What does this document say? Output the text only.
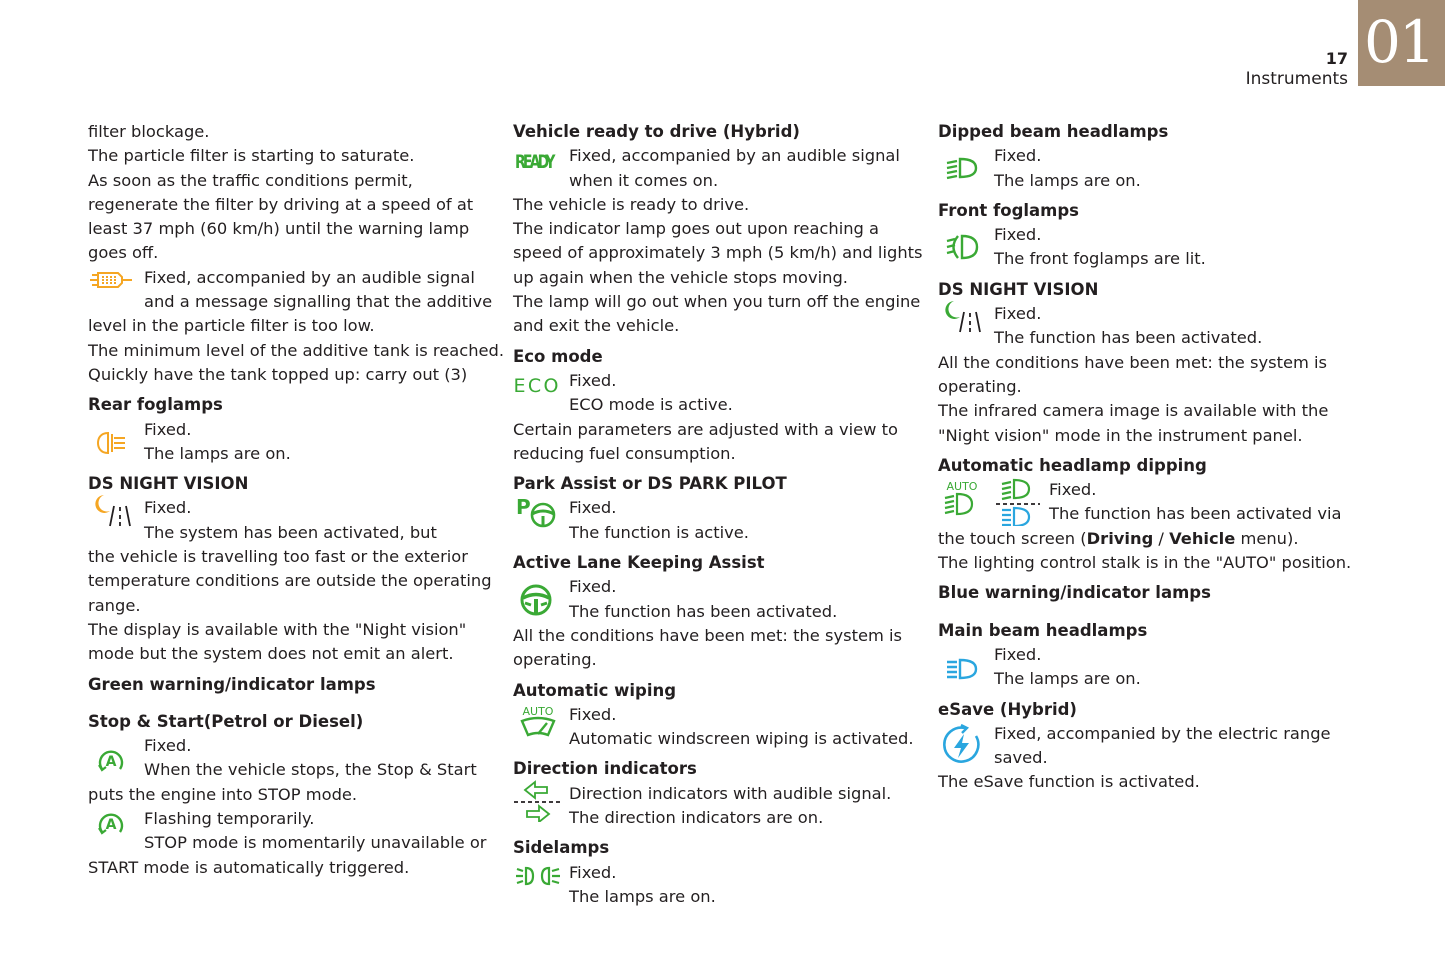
01
17
Instruments
filter blockage.
The particle filter is starting to saturate.
As soon as the traffic conditions permit,
regenerate the filter by driving at a speed of at
least 37 mph (60 km/h) until the warning lamp
goes off.
Fixed, accompanied by an audible signal
and a message signalling that the additive
level in the particle filter is too low.
The minimum level of the additive tank is reached.
Quickly have the tank topped up: carry out (3)
Rear foglamps
Fixed.
The lamps are on.
DS NIGHT VISION
Fixed.
The system has been activated, but
the vehicle is travelling too fast or the exterior
temperature conditions are outside the operating
range.
The display is available with the "Night vision"
mode but the system does not emit an alert.
Green warning/indicator lamps
Stop & Start(Petrol or Diesel)
A
Fixed.
When the vehicle stops, the Stop & Start
puts the engine into STOP mode.
A	Flashing temporarily.
STOP mode is momentarily unavailable or
START mode is automatically triggered.
Vehicle ready to drive (Hybrid)
READY Fixed, accompanied by an audible signal
when it comes on.
The vehicle is ready to drive.
The indicator lamp goes out upon reaching a
speed of approximately 3 mph (5 km/h) and lights
up again when the vehicle stops moving.
The lamp will go out when you turn off the engine
and exit the vehicle.
Eco mode
ECO Fixed.
ECO mode is active.
Certain parameters are adjusted with a view to
reducing fuel consumption.
Park Assist or DS PARK PILOT
P	Fixed.
The function is active.
Active Lane Keeping Assist
Fixed.
The function has been activated.
All the conditions have been met: the system is
operating.
Automatic wiping
AUTO Fixed.
Automatic windscreen wiping is activated.
Direction indicators
Direction indicators with audible signal.
The direction indicators are on.
Sidelamps
Fixed.
The lamps are on.
Dipped beam headlamps
Fixed.
The lamps are on.
Front foglamps
Fixed.
The front foglamps are lit.
DS NIGHT VISION
Fixed.
The function has been activated.
All the conditions have been met: the system is
operating.
The infrared camera image is available with the
"Night vision" mode in the instrument panel.
Automatic headlamp dipping
AUTO	Fixed.
The function has been activated via
the touch screen (Driving / Vehicle menu).
The lighting control stalk is in the "AUTO" position.
Blue warning/indicator lamps
Main beam headlamps
Fixed.
The lamps are on.
eSave (Hybrid)
Fixed, accompanied by the electric range
saved.
The eSave function is activated.
